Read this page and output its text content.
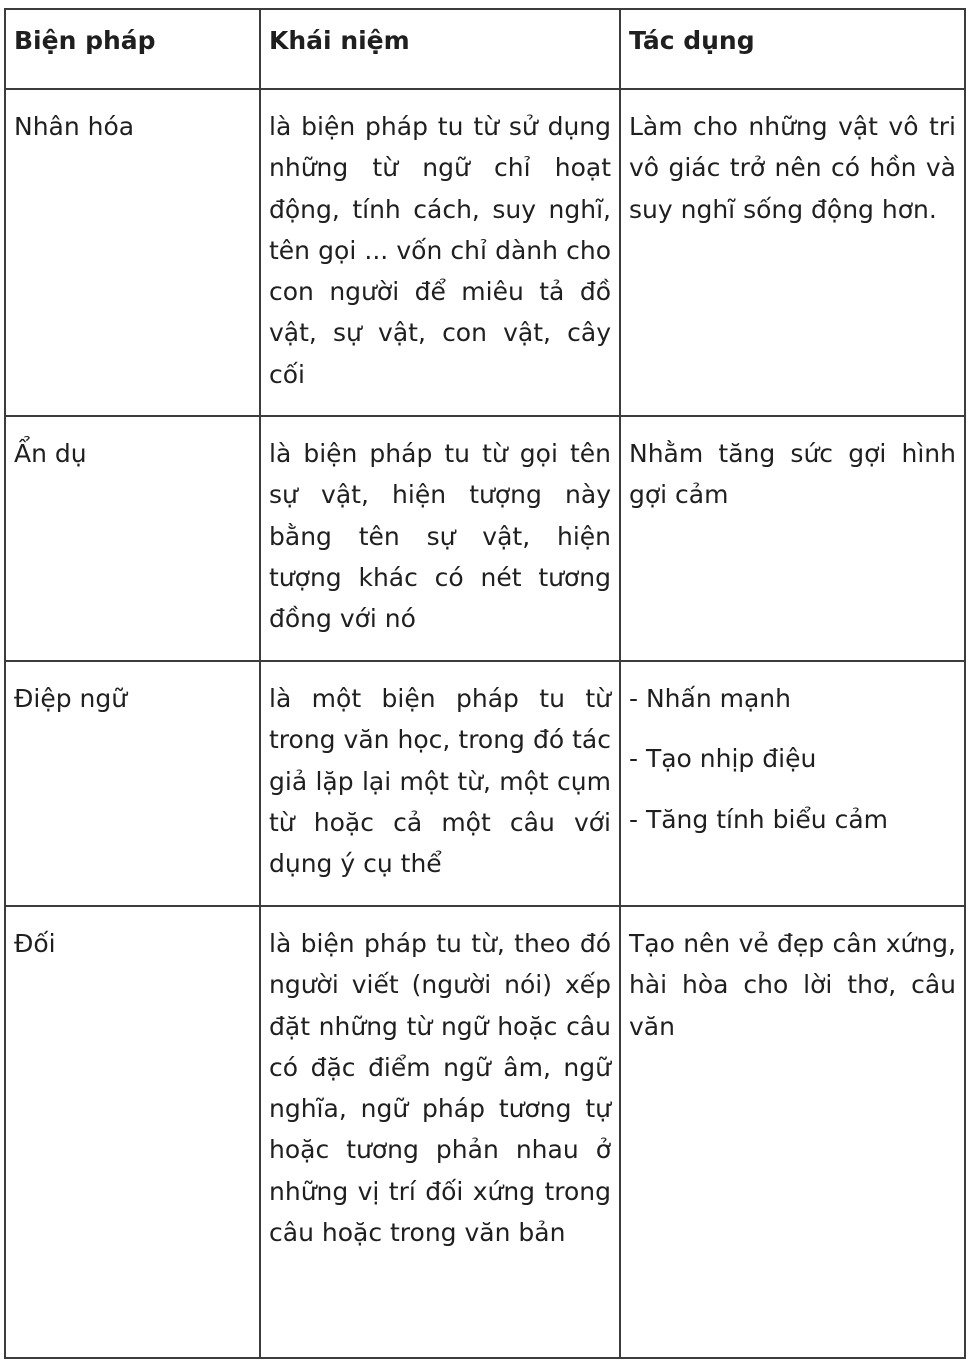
Biện pháp	Khái niệm	Tác dụng
Nhân hóa	là biện pháp tu từ sử dụng những từ ngữ chỉ hoạt động, tính cách, suy nghĩ, tên gọi ... vốn chỉ dành cho con người để miêu tả đồ vật, sự vật, con vật, cây cối	Làm cho những vật vô tri vô giác trở nên có hồn và suy nghĩ sống động hơn.
Ẩn dụ	là biện pháp tu từ gọi tên sự vật, hiện tượng này bằng tên sự vật, hiện tượng khác có nét tương đồng với nó	Nhằm tăng sức gợi hình gợi cảm
Điệp ngữ	là một biện pháp tu từ trong văn học, trong đó tác giả lặp lại một từ, một cụm từ hoặc cả một câu với dụng ý cụ thể	- Nhấn mạnh
- Tạo nhịp điệu
- Tăng tính biểu cảm

Đối	là biện pháp tu từ, theo đó người viết (người nói) xếp đặt những từ ngữ hoặc câu có đặc điểm ngữ âm, ngữ nghĩa, ngữ pháp tương tự hoặc tương phản nhau ở những vị trí đối xứng trong câu hoặc trong văn bản	Tạo nên vẻ đẹp cân xứng, hài hòa cho lời thơ, câu văn
